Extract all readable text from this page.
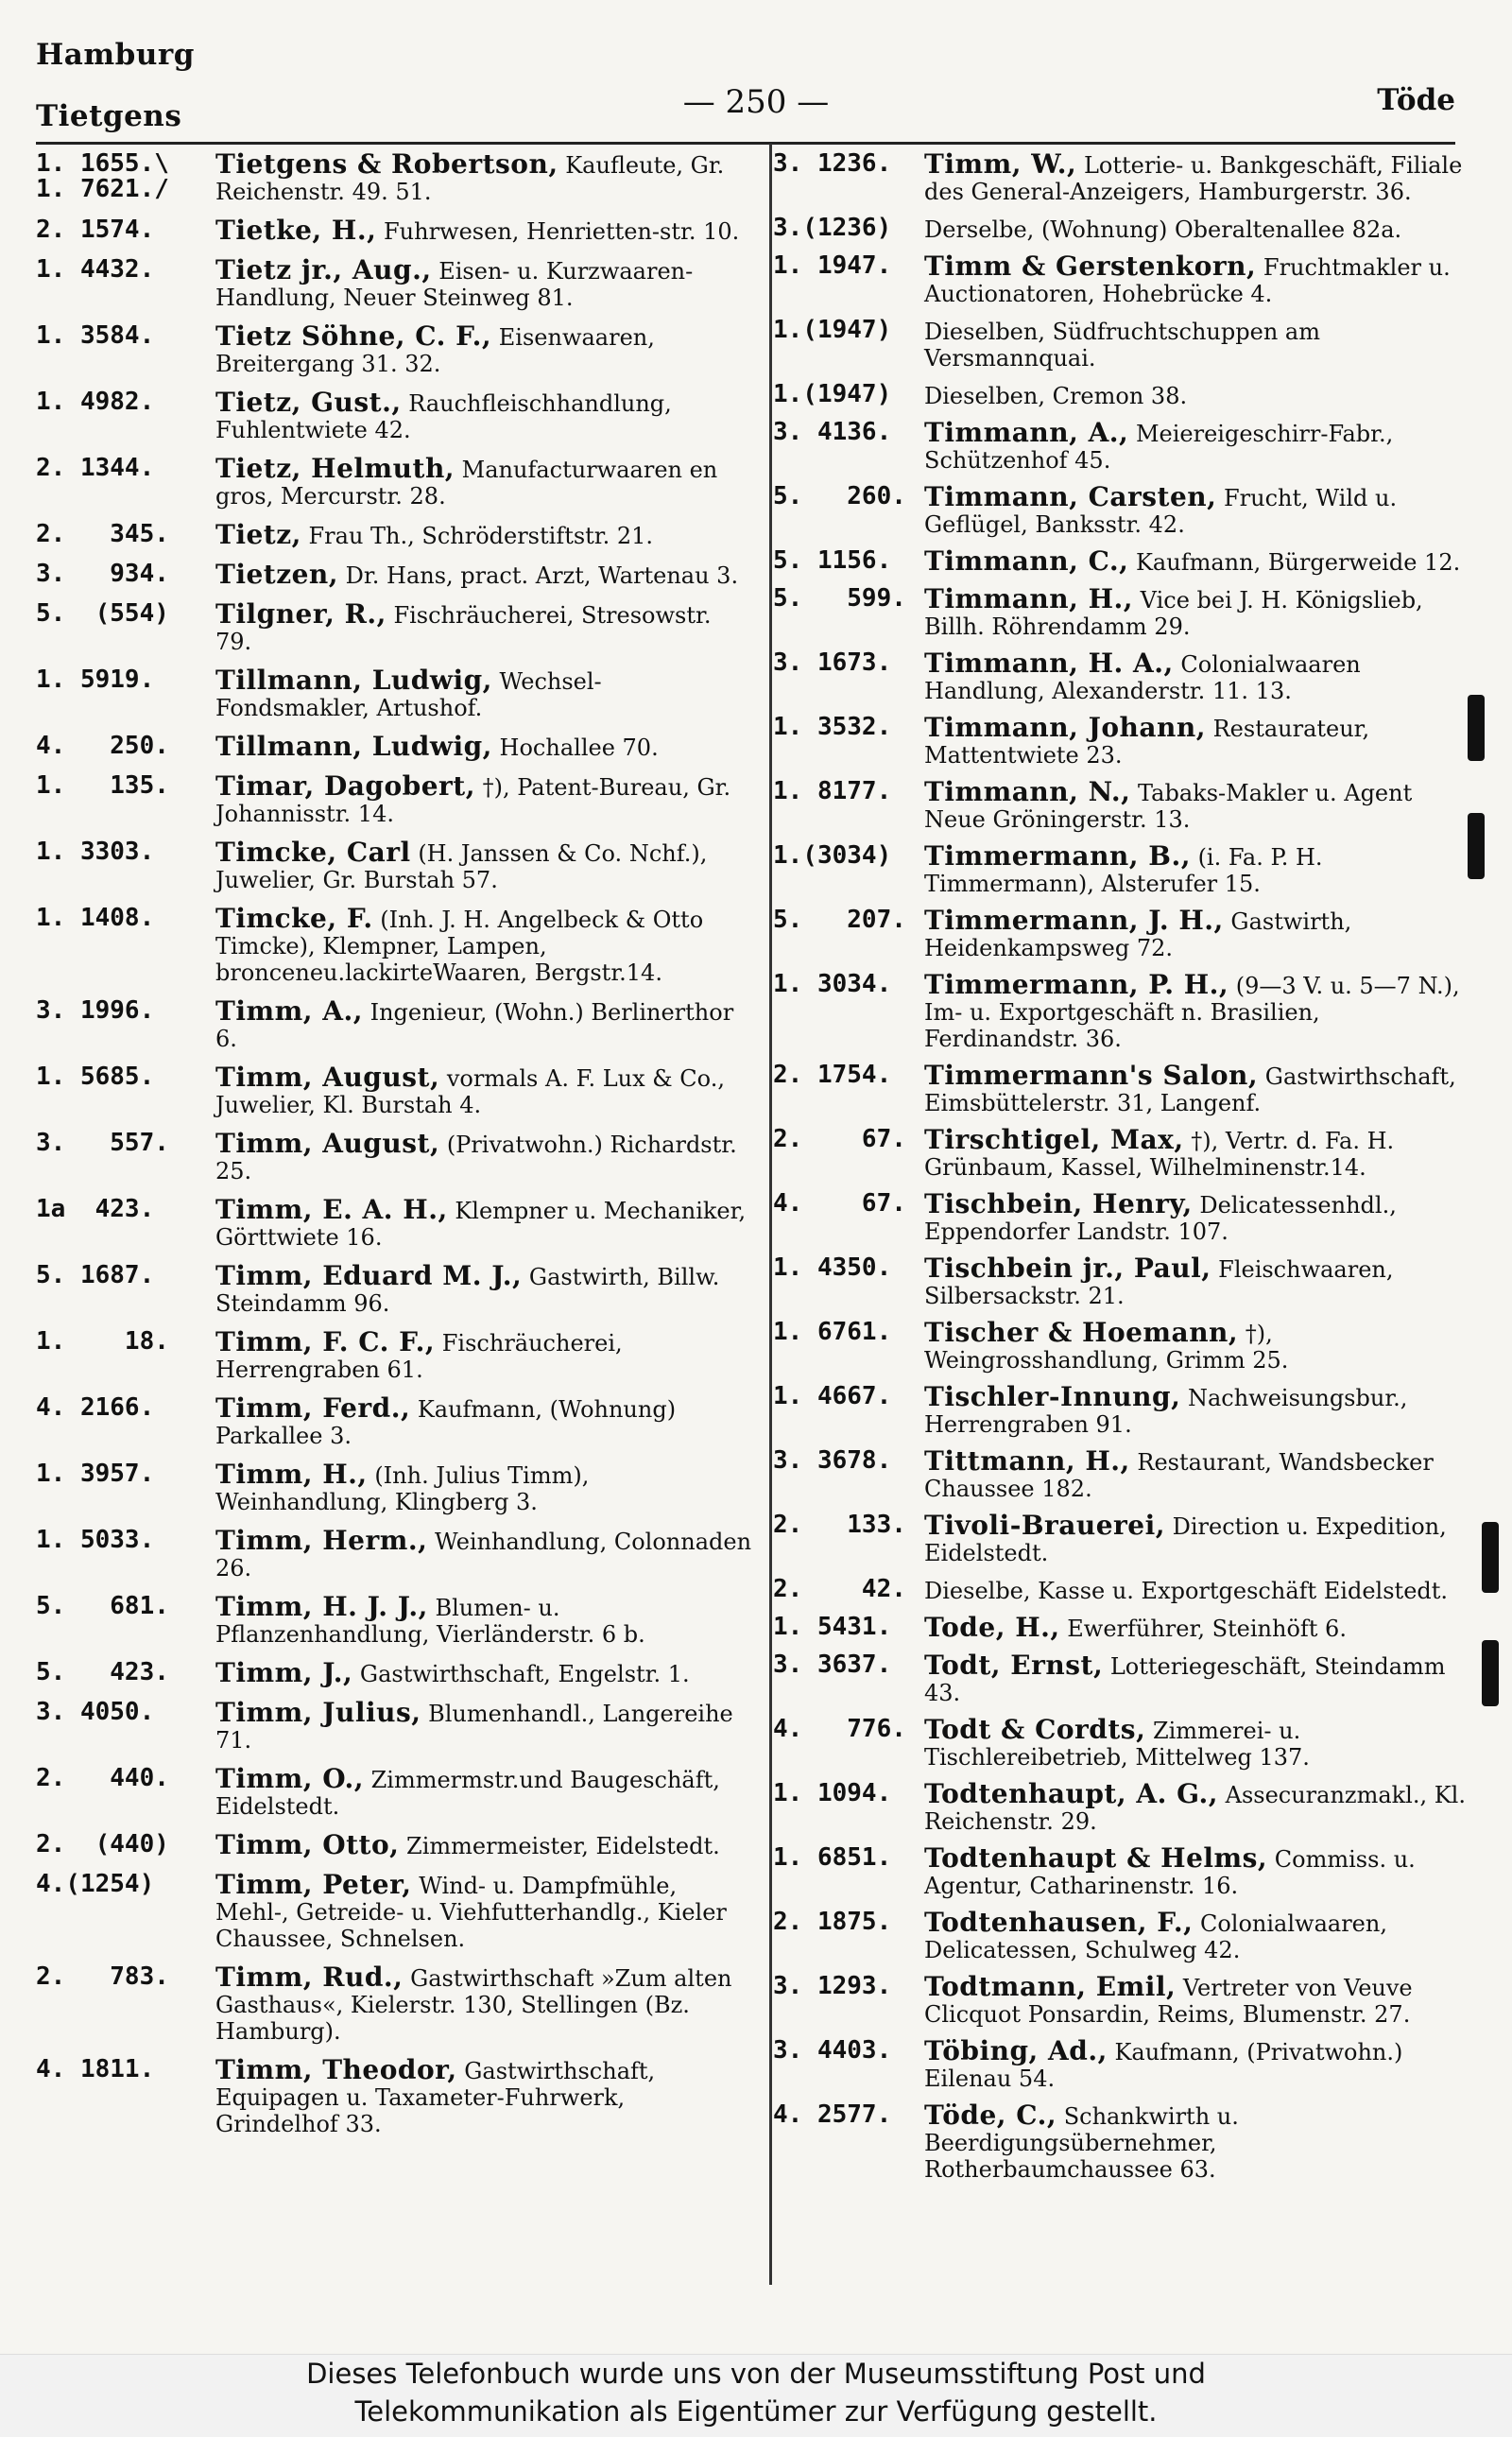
Hamburg
Tietgens	— 250 —	Töde
1. 1655.\
1. 7621./
Tietgens & Robertson, Kaufleute, Gr. Reichenstr. 49. 51.
2. 1574. Tietke, H., Fuhrwesen, Henrietten-str. 10.
1. 4432. Tietz jr., Aug., Eisen- u. Kurzwaaren-Handlung, Neuer Steinweg 81.
1. 3584. Tietz Söhne, C. F., Eisenwaaren, Breitergang 31. 32.
1. 4982. Tietz, Gust., Rauchfleischhandlung, Fuhlentwiete 42.
2. 1344. Tietz, Helmuth, Manufacturwaaren en gros, Mercurstr. 28.
2.   345. Tietz, Frau Th., Schröderstiftstr. 21.
3.   934. Tietzen, Dr. Hans, pract. Arzt, Wartenau 3.
5.  (554) Tilgner, R., Fischräucherei, Stresowstr. 79.
1. 5919. Tillmann, Ludwig, Wechsel-Fondsmakler, Artushof.
4.   250. Tillmann, Ludwig, Hochallee 70.
1.   135. Timar, Dagobert, †), Patent-Bureau, Gr. Johannisstr. 14.
1. 3303. Timcke, Carl (H. Janssen & Co. Nchf.), Juwelier, Gr. Burstah 57.
1. 1408. Timcke, F. (Inh. J. H. Angelbeck & Otto Timcke), Klempner, Lampen, bronceneu.lackirteWaaren, Bergstr.14.
3. 1996. Timm, A., Ingenieur, (Wohn.) Berlinerthor 6.
1. 5685. Timm, August, vormals A. F. Lux & Co., Juwelier, Kl. Burstah 4.
3.   557. Timm, August, (Privatwohn.) Richardstr. 25.
1a  423. Timm, E. A. H., Klempner u. Mechaniker, Görttwiete 16.
5. 1687. Timm, Eduard M. J., Gastwirth, Billw. Steindamm 96.
1.    18. Timm, F. C. F., Fischräucherei, Herrengraben 61.
4. 2166. Timm, Ferd., Kaufmann, (Wohnung) Parkallee 3.
1. 3957. Timm, H., (Inh. Julius Timm), Weinhandlung, Klingberg 3.
1. 5033. Timm, Herm., Weinhandlung, Colonnaden 26.
5.   681. Timm, H. J. J., Blumen- u. Pflanzenhandlung, Vierländerstr. 6 b.
5.   423. Timm, J., Gastwirthschaft, Engelstr. 1.
3. 4050. Timm, Julius, Blumenhandl., Langereihe 71.
2.   440. Timm, O., Zimmermstr.und Baugeschäft, Eidelstedt.
2.  (440) Timm, Otto, Zimmermeister, Eidelstedt.
4.(1254) Timm, Peter, Wind- u. Dampfmühle, Mehl-, Getreide- u. Viehfutterhandlg., Kieler Chaussee, Schnelsen.
2.   783. Timm, Rud., Gastwirthschaft »Zum alten Gasthaus«, Kielerstr. 130, Stellingen (Bz. Hamburg).
4. 1811. Timm, Theodor, Gastwirthschaft, Equipagen u. Taxameter-Fuhrwerk, Grindelhof 33.
3. 1236. Timm, W., Lotterie- u. Bankgeschäft, Filiale des General-Anzeigers, Hamburgerstr. 36.
3.(1236) Derselbe, (Wohnung) Oberaltenallee 82a.
1. 1947. Timm & Gerstenkorn, Fruchtmakler u. Auctionatoren, Hohebrücke 4.
1.(1947) Dieselben, Südfruchtschuppen am Versmannquai.
1.(1947) Dieselben, Cremon 38.
3. 4136. Timmann, A., Meiereigeschirr-Fabr., Schützenhof 45.
5.   260. Timmann, Carsten, Frucht, Wild u. Geflügel, Banksstr. 42.
5. 1156. Timmann, C., Kaufmann, Bürgerweide 12.
5.   599. Timmann, H., Vice bei J. H. Königslieb, Billh. Röhrendamm 29.
3. 1673. Timmann, H. A., Colonialwaaren Handlung, Alexanderstr. 11. 13.
1. 3532. Timmann, Johann, Restaurateur, Mattentwiete 23.
1. 8177. Timmann, N., Tabaks-Makler u. Agent Neue Gröningerstr. 13.
1.(3034) Timmermann, B., (i. Fa. P. H. Timmermann), Alsterufer 15.
5.   207. Timmermann, J. H., Gastwirth, Heidenkampsweg 72.
1. 3034. Timmermann, P. H., (9—3 V. u. 5—7 N.), Im- u. Exportgeschäft n. Brasilien, Ferdinandstr. 36.
2. 1754. Timmermann's Salon, Gastwirthschaft, Eimsbüttelerstr. 31, Langenf.
2.    67. Tirschtigel, Max, †), Vertr. d. Fa. H. Grünbaum, Kassel, Wilhelminenstr.14.
4.    67. Tischbein, Henry, Delicatessenhdl., Eppendorfer Landstr. 107.
1. 4350. Tischbein jr., Paul, Fleischwaaren, Silbersackstr. 21.
1. 6761. Tischer & Hoemann, †), Weingrosshandlung, Grimm 25.
1. 4667. Tischler-Innung, Nachweisungsbur., Herrengraben 91.
3. 3678. Tittmann, H., Restaurant, Wandsbecker Chaussee 182.
2.   133. Tivoli-Brauerei, Direction u. Expedition, Eidelstedt.
2.    42. Dieselbe, Kasse u. Exportgeschäft Eidelstedt.
1. 5431. Tode, H., Ewerführer, Steinhöft 6.
3. 3637. Todt, Ernst, Lotteriegeschäft, Steindamm 43.
4.   776. Todt & Cordts, Zimmerei- u. Tischlereibetrieb, Mittelweg 137.
1. 1094. Todtenhaupt, A. G., Assecuranzmakl., Kl. Reichenstr. 29.
1. 6851. Todtenhaupt & Helms, Commiss. u. Agentur, Catharinenstr. 16.
2. 1875. Todtenhausen, F., Colonialwaaren, Delicatessen, Schulweg 42.
3. 1293. Todtmann, Emil, Vertreter von Veuve Clicquot Ponsardin, Reims, Blumenstr. 27.
3. 4403. Töbing, Ad., Kaufmann, (Privatwohn.) Eilenau 54.
4. 2577. Töde, C., Schankwirth u. Beerdigungsübernehmer, Rotherbaumchaussee 63.
Dieses Telefonbuch wurde uns von der Museumsstiftung Post und
Telekommunikation als Eigentümer zur Verfügung gestellt.
